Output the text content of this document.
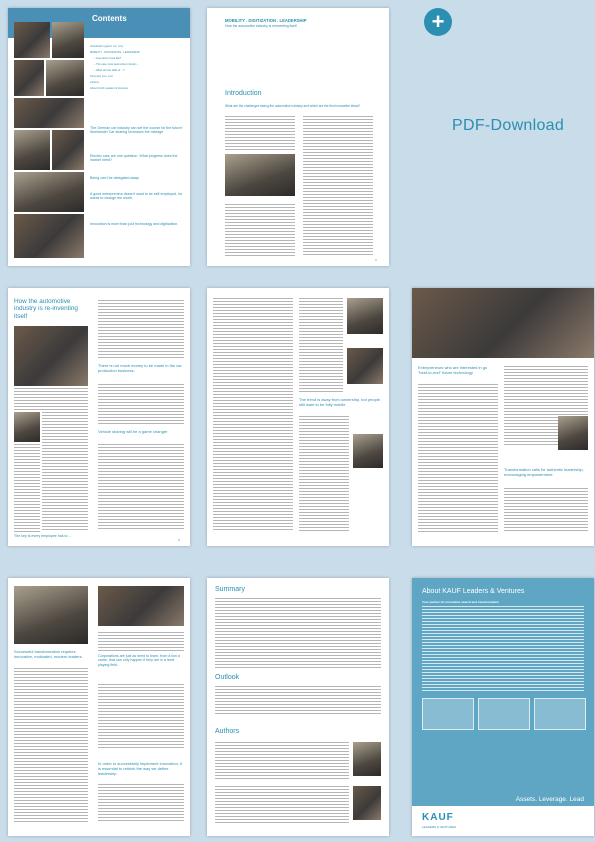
Contents
Introduction (guest: xxx, xxx)
MOBILITY . DIGITIZATION . LEADERSHIP
– How does it look like?
– The case: How automotive industry ...
– What are the skills of ...?
Summary (xxx, xxx)
Authors
About KAUF Leaders & Ventures
The German car industry can set the course for the future! Worldwide! Car sharing increases the mileage
Electric cars are one question. What progress does the market need?
Being can't be delegated away
A good entrepreneur doesn't want to be self-employed, he wants to change the world.
Innovation is more than just technology and digitization.
MOBILITY . DIGITIZATION . LEADERSHIP
How the automotive industry is reinventing itself
Introduction
What are the challenges facing the automotive industry and which are the first innovative ideas?
3
+
PDF-Download
How the automotive industry is re-inventing itself
There is not much money to be made in the car production business.
Vehicle sharing will be a game changer
The key is every employee has to ...
5
The trend is away from ownership, but people still want to be fully mobile
Entrepreneurs who are interested in go "best-to-end" future technology
Transformation calls for authentic leadership, encouraging empowerment
Successful transformation requires innovative, motivated, modern leaders.	Corporations are just as need to learn, from a lion a cadre, that can only happen if they are in a level playing field.
In order to successfully implement innovation, it is essential to rethink the way we define leadership.
Summary
Outlook
Authors
About KAUF Leaders & Ventures
Your partner for innovative search and transformation
Assets. Leverage. Lead
KAUF
LEADERS & VENTURES
